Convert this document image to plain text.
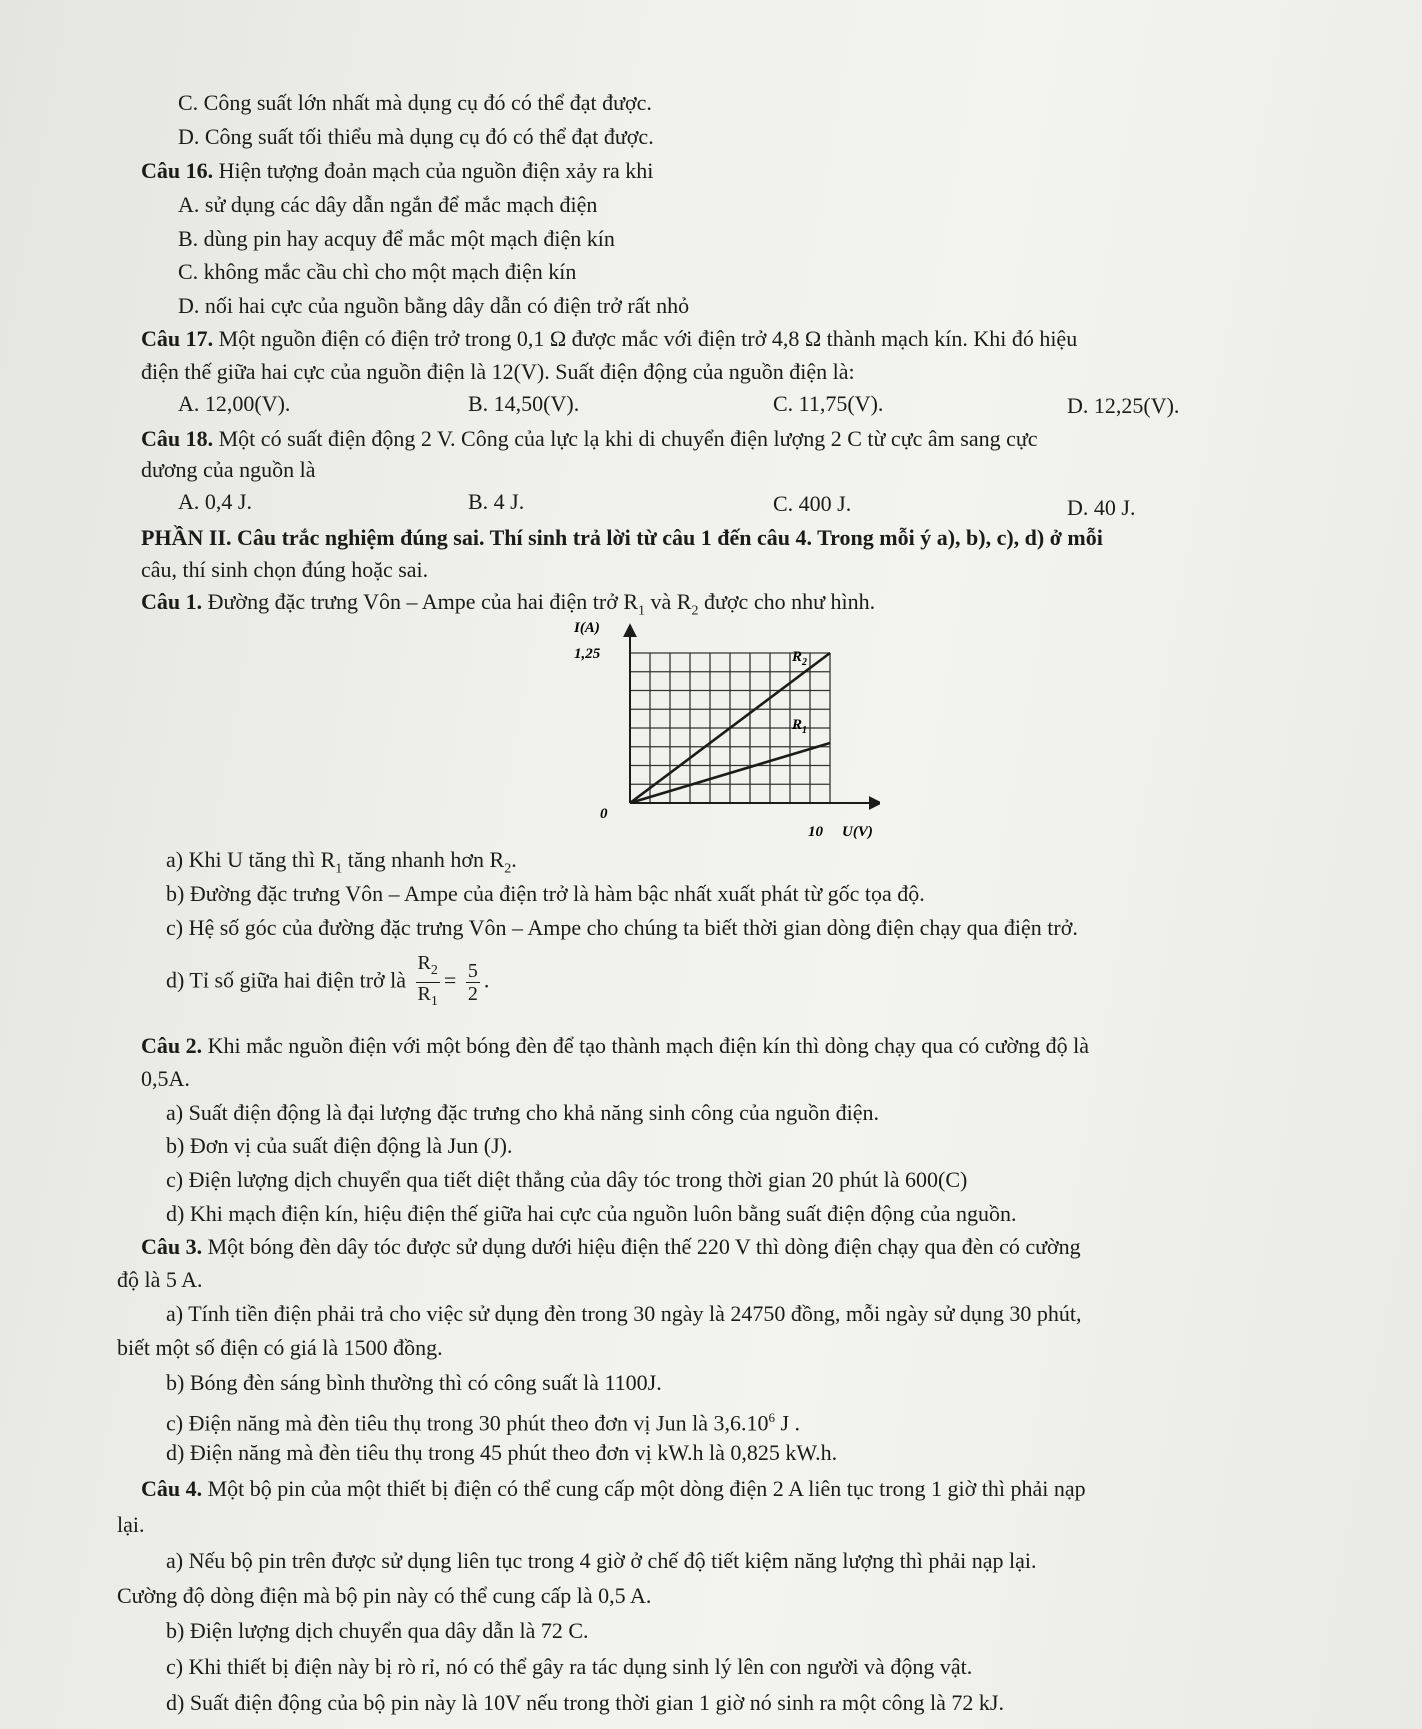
C. Công suất lớn nhất mà dụng cụ đó có thể đạt được.
D. Công suất tối thiểu mà dụng cụ đó có thể đạt được.
Câu 16. Hiện tượng đoản mạch của nguồn điện xảy ra khi
A. sử dụng các dây dẫn ngắn để mắc mạch điện
B. dùng pin hay acquy để mắc một mạch điện kín
C. không mắc cầu chì cho một mạch điện kín
D. nối hai cực của nguồn bằng dây dẫn có điện trở rất nhỏ
Câu 17. Một nguồn điện có điện trở trong 0,1 Ω được mắc với điện trở 4,8 Ω thành mạch kín. Khi đó hiệu
điện thế giữa hai cực của nguồn điện là 12(V). Suất điện động của nguồn điện là:
A. 12,00(V).	B. 14,50(V).	C. 11,75(V).	D. 12,25(V).
Câu 18. Một có suất điện động 2 V. Công của lực lạ khi di chuyển điện lượng 2 C từ cực âm sang cực
dương của nguồn là
A. 0,4 J.	B. 4 J.	C. 400 J.	D. 40 J.
PHẦN II. Câu trắc nghiệm đúng sai. Thí sinh trả lời từ câu 1 đến câu 4. Trong mỗi ý a), b), c), d) ở mỗi
câu, thí sinh chọn đúng hoặc sai.
Câu 1. Đường đặc trưng Vôn – Ampe của hai điện trở $R_1$ và $R_2$ được cho như hình.
I(A)
1,25
0
10 U(V)
$R_2$
$R_1$
a) Khi U tăng thì $R_1$ tăng nhanh hơn $R_2$.
b) Đường đặc trưng Vôn – Ampe của điện trở là hàm bậc nhất xuất phát từ gốc tọa độ.
c) Hệ số góc của đường đặc trưng Vôn – Ampe cho chúng ta biết thời gian dòng điện chạy qua điện trở.
d) Tỉ số giữa hai điện trở là $\frac{R_2}{R_1} = \frac{5}{2}$ .
Câu 2. Khi mắc nguồn điện với một bóng đèn để tạo thành mạch điện kín thì dòng chạy qua có cường độ là
0,5A.
a) Suất điện động là đại lượng đặc trưng cho khả năng sinh công của nguồn điện.
b) Đơn vị của suất điện động là Jun (J).
c) Điện lượng dịch chuyển qua tiết diệt thẳng của dây tóc trong thời gian 20 phút là 600(C)
d) Khi mạch điện kín, hiệu điện thế giữa hai cực của nguồn luôn bằng suất điện động của nguồn.
Câu 3. Một bóng đèn dây tóc được sử dụng dưới hiệu điện thế 220 V thì dòng điện chạy qua đèn có cường
độ là 5 A.
a) Tính tiền điện phải trả cho việc sử dụng đèn trong 30 ngày là 24750 đồng, mỗi ngày sử dụng 30 phút,
biết một số điện có giá là 1500 đồng.
b) Bóng đèn sáng bình thường thì có công suất là 1100J.
c) Điện năng mà đèn tiêu thụ trong 30 phút theo đơn vị Jun là 3,6.10$^6$ J .
d) Điện năng mà đèn tiêu thụ trong 45 phút theo đơn vị kW.h là 0,825 kW.h.
Câu 4. Một bộ pin của một thiết bị điện có thể cung cấp một dòng điện 2 A liên tục trong 1 giờ thì phải nạp
lại.
a) Nếu bộ pin trên được sử dụng liên tục trong 4 giờ ở chế độ tiết kiệm năng lượng thì phải nạp lại.
Cường độ dòng điện mà bộ pin này có thể cung cấp là 0,5 A.
b) Điện lượng dịch chuyển qua dây dẫn là 72 C.
c) Khi thiết bị điện này bị rò rỉ, nó có thể gây ra tác dụng sinh lý lên con người và động vật.
d) Suất điện động của bộ pin này là 10V nếu trong thời gian 1 giờ nó sinh ra một công là 72 kJ.
